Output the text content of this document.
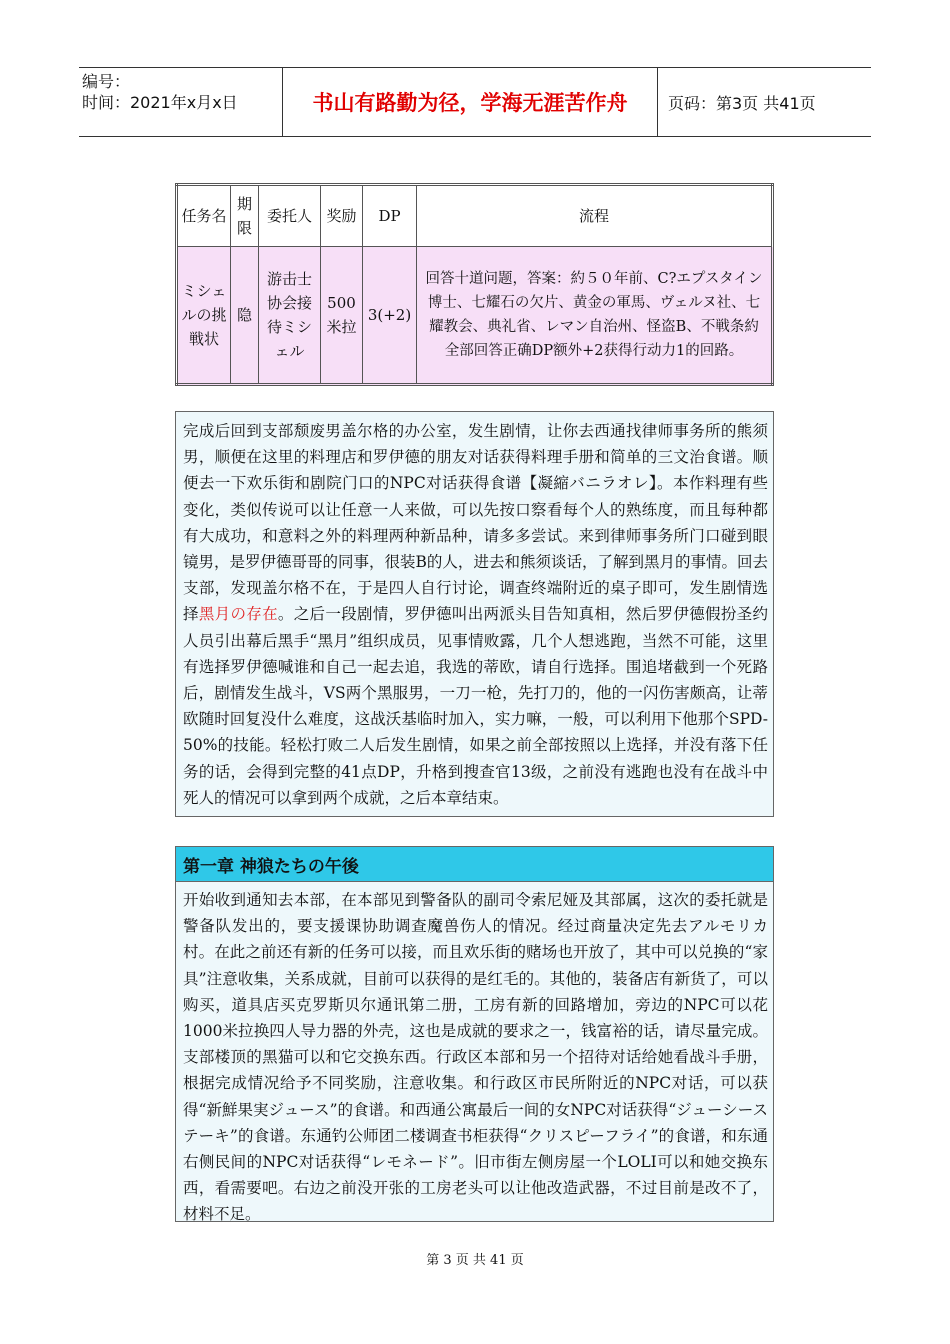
编号：
时间：2021年x月x日	书山有路勤为径，学海无涯苦作舟	页码：第3页 共41页
任务名	期限	委托人	奖励	DP	流程
ミシェルの挑戦状	隐	游击士协会接待ミシェル	500米拉	3(+2)	回答十道问题，答案：約５０年前、C?エプスタイン博士、七耀石の欠片、黄金の軍馬、ヴェルヌ社、七耀教会、典礼省、レマン自治州、怪盗B、不戦条約 全部回答正确DP额外+2获得行动力1的回路。

完成后回到支部颓废男盖尔格的办公室，发生剧情，让你去西通找律师事务所的熊须男，顺便在这里的料理店和罗伊德的朋友对话获得料理手册和简单的三文治食谱。顺便去一下欢乐街和剧院门口的NPC对话获得食谱【凝縮バニラオレ】。本作料理有些变化，类似传说可以让任意一人来做，可以先按口察看每个人的熟练度，而且每种都有大成功，和意料之外的料理两种新品种，请多多尝试。来到律师事务所门口碰到眼镜男，是罗伊德哥哥的同事，很装B的人，进去和熊须谈话，了解到黑月的事情。回去支部，发现盖尔格不在，于是四人自行讨论，调查终端附近的桌子即可，发生剧情选择黑月の存在。之后一段剧情，罗伊德叫出两派头目告知真相，然后罗伊德假扮圣约人员引出幕后黑手“黑月”组织成员，见事情败露，几个人想逃跑，当然不可能，这里有选择罗伊德喊谁和自己一起去追，我选的蒂欧，请自行选择。围追堵截到一个死路后，剧情发生战斗，VS两个黑服男，一刀一枪，先打刀的，他的一闪伤害颇高，让蒂欧随时回复没什么难度，这战沃基临时加入，实力嘛，一般，可以利用下他那个SPD-50%的技能。轻松打败二人后发生剧情，如果之前全部按照以上选择，并没有落下任务的话，会得到完整的41点DP，升格到搜查官13级，之前没有逃跑也没有在战斗中死人的情况可以拿到两个成就，之后本章结束。

第一章 神狼たちの午後

开始收到通知去本部，在本部见到警备队的副司令索尼娅及其部属，这次的委托就是警备队发出的，要支援课协助调查魔兽伤人的情况。经过商量决定先去アルモリカ村。在此之前还有新的任务可以接，而且欢乐街的赌场也开放了，其中可以兑换的“家具”注意收集，关系成就，目前可以获得的是红毛的。其他的，装备店有新货了，可以购买，道具店买克罗斯贝尔通讯第二册，工房有新的回路增加，旁边的NPC可以花1000米拉换四人导力器的外壳，这也是成就的要求之一，钱富裕的话，请尽量完成。支部楼顶的黑猫可以和它交换东西。行政区本部和另一个招待对话给她看战斗手册，根据完成情况给予不同奖励，注意收集。和行政区市民所附近的NPC对话，可以获得“新鮮果実ジュース”的食谱。和西通公寓最后一间的女NPC对话获得“ジューシーステーキ”的食谱。东通钓公师团二楼调查书柜获得“クリスピーフライ”的食谱，和东通右侧民间的NPC对话获得“レモネード”。旧市街左侧房屋一个LOLI可以和她交换东西，看需要吧。右边之前没开张的工房老头可以让他改造武器，不过目前是改不了，材料不足。

第 3 页 共 41 页
